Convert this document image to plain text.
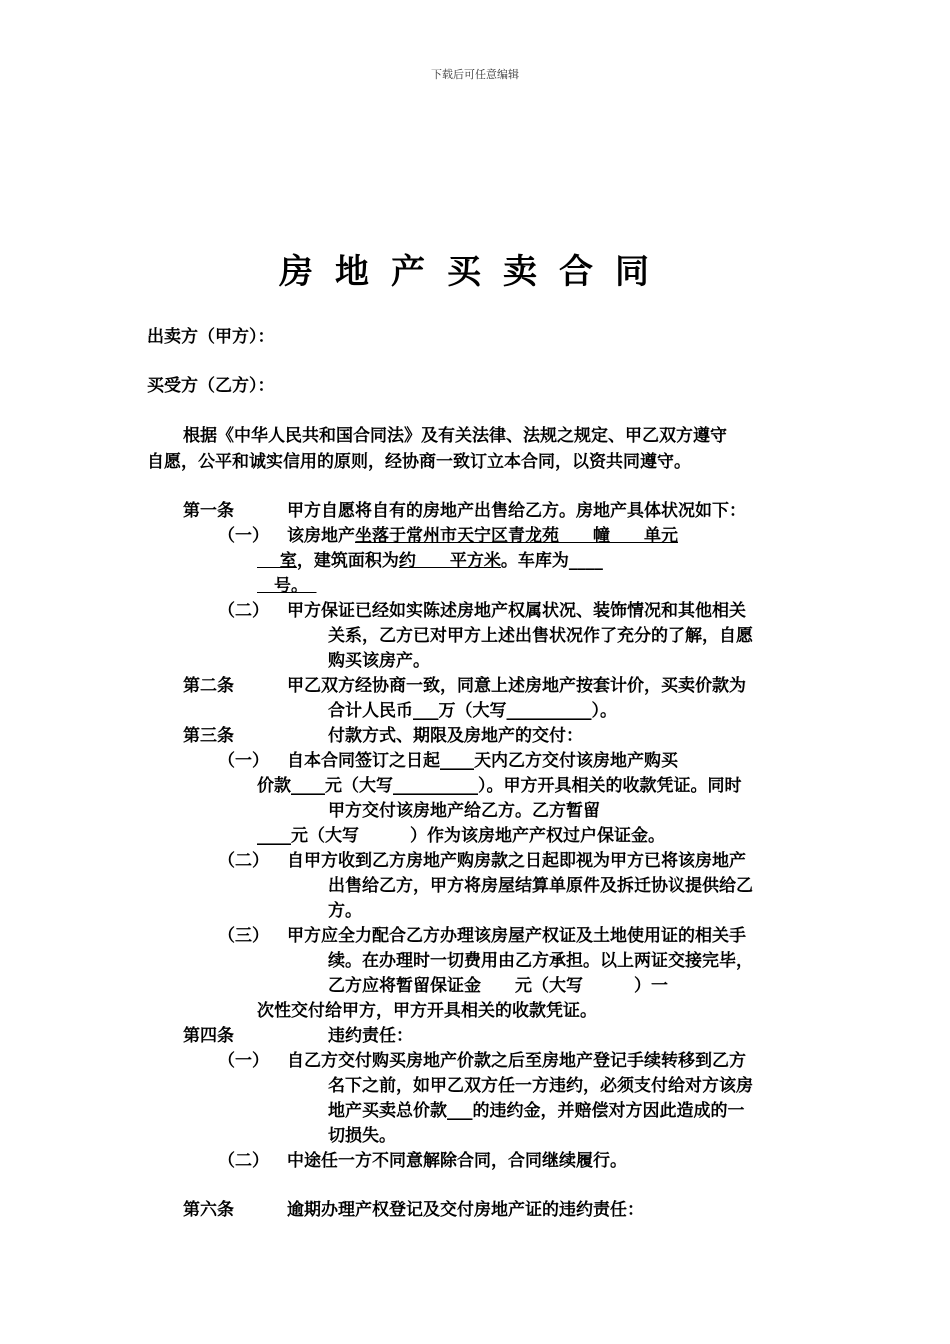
下载后可任意编辑
房地产买卖合同
出卖方（甲方）：
买受方（乙方）：
根据《中华人民共和国合同法》及有关法律、法规之规定、甲乙双方遵守
自愿，公平和诚实信用的原则，经协商一致订立本合同，以资共同遵守。
第一条	甲方自愿将自有的房地产出售给乙方。房地产具体状况如下：
（一） 该房地产坐落于常州市天宁区青龙苑　　幢　　单元
　 室，建筑面积为约　　平方米。车库为____
　号。　
（二） 甲方保证已经如实陈述房地产权属状况、装饰情况和其他相关
关系，乙方已对甲方上述出售状况作了充分的了解，自愿
购买该房产。
第二条	甲乙双方经协商一致，同意上述房地产按套计价，买卖价款为
合计人民币___万（大写__________）。
第三条	付款方式、期限及房地产的交付：
（一） 自本合同签订之日起____天内乙方交付该房地产购买
价款____元（大写__________）。甲方开具相关的收款凭证。同时
甲方交付该房地产给乙方。乙方暂留
____元（大写　　　）作为该房地产产权过户保证金。
（二） 自甲方收到乙方房地产购房款之日起即视为甲方已将该房地产
出售给乙方，甲方将房屋结算单原件及拆迁协议提供给乙
方。
（三） 甲方应全力配合乙方办理该房屋产权证及土地使用证的相关手
续。在办理时一切费用由乙方承担。以上两证交接完毕，
乙方应将暂留保证金　　元（大写　　　）一
次性交付给甲方，甲方开具相关的收款凭证。
第四条	违约责任：
（一） 自乙方交付购买房地产价款之后至房地产登记手续转移到乙方
名下之前，如甲乙双方任一方违约，必须支付给对方该房
地产买卖总价款___的违约金，并赔偿对方因此造成的一
切损失。
（二） 中途任一方不同意解除合同，合同继续履行。
第六条	逾期办理产权登记及交付房地产证的违约责任：
